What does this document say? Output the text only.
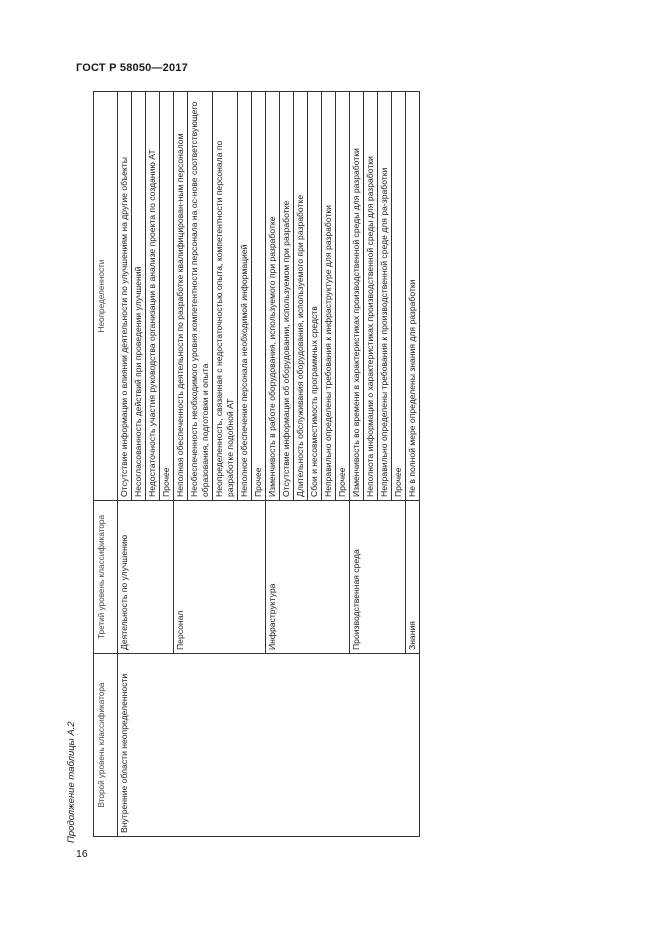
ГОСТ Р 58050—2017
Второй уровень классификатора	Третий уровень классификатора	Неопределенности
Внутренние области неопределенности	Деятельность по улучшению	Отсутствие информации о влиянии деятельности по улучшениям на другие объекты
		Несогласованность действий при проведении улучшений
		Недостаточность участия руководства организации в анализе проекта по созданию АТ
		Прочее
	Персонал	Неполная обеспеченность деятельности по разработке квалифицирован-ным персоналом
		Необеспеченность необходимого уровня компетентности персонала на ос-нове соответствующего образования, подготовки и опыта
		Неопределенность, связанная с недостаточностью опыта, компетентности персонала по разработке подобной АТ
		Неполное обеспечение персонала необходимой информацией
		Прочее
	Инфраструктура	Изменчивость в работе оборудования, используемого при разработке
		Отсутствие информации об оборудовании, используемом при разработке
		Длительность обслуживания оборудования, используемого при разработке
		Сбои и несовместимость программных средств
		Неправильно определены требования к инфраструктуре для разработки
		Прочее
	Производственная среда	Изменчивость во времени в характеристиках производственной среды для разработки
		Неполнота информации о характеристиках производственной среды для разработки
		Неправильно определены требования к производственной среде для ра-зработки
		Прочее
	Знания	Не в полной мере определены знания для разработки
Продолжение таблицы А.2
16
